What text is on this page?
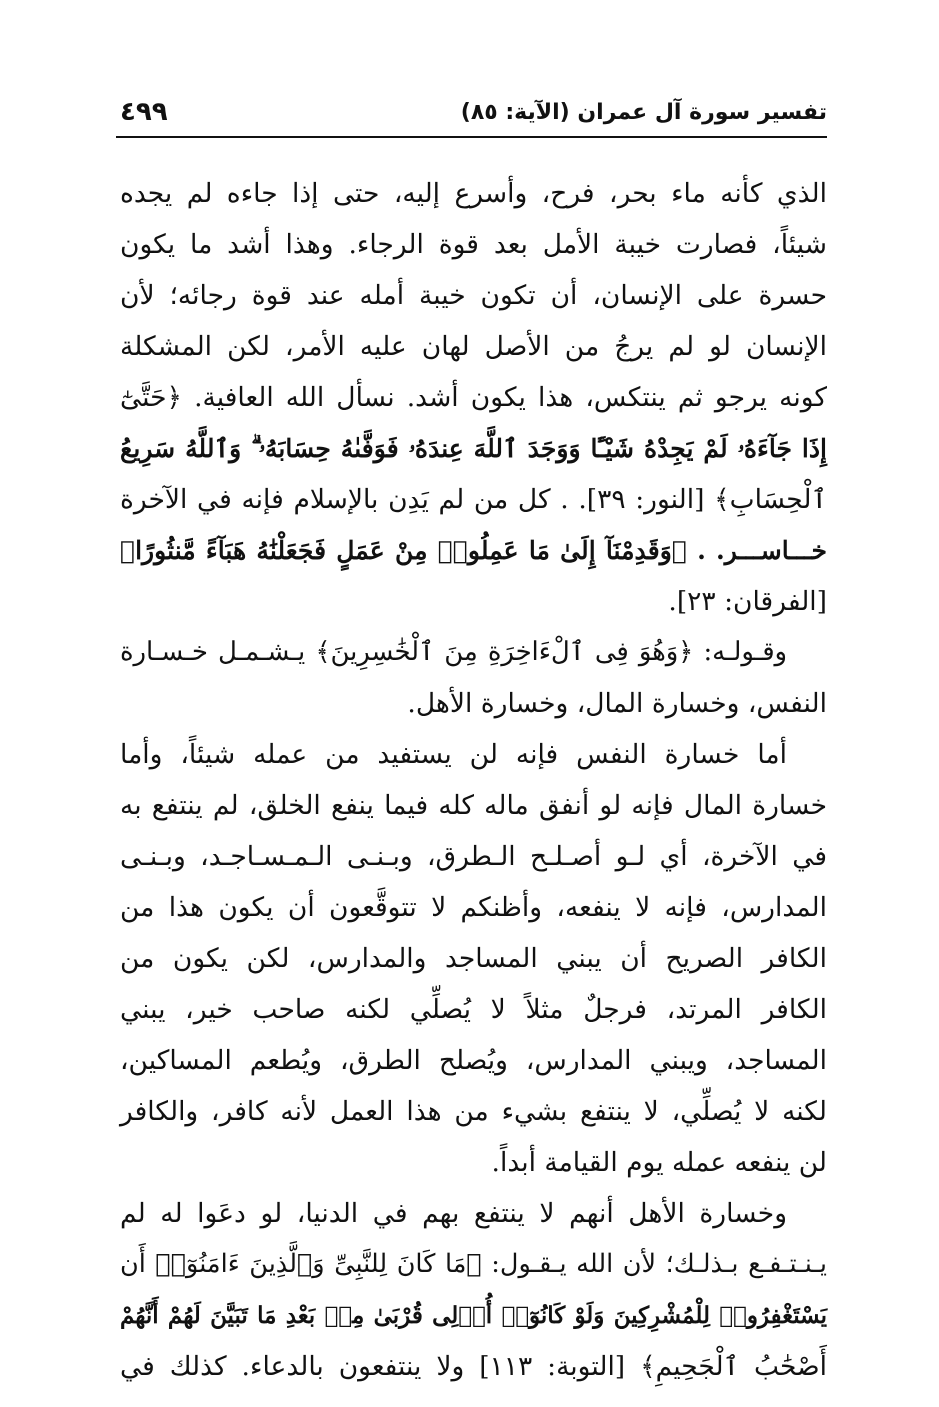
تفسير سورة آل عمران (الآية: ٨٥)
٤٩٩
الذي كأنه ماء بحر، فرح، وأسرع إليه، حتى إذا جاءه لم يجده
شيئاً، فصارت خيبة الأمل بعد قوة الرجاء. وهذا أشد ما يكون
حسرة على الإنسان، أن تكون خيبة أمله عند قوة رجائه؛ لأن
الإنسان لو لم يرجُ من الأصل لهان عليه الأمر، لكن المشكلة
كونه يرجو ثم ينتكس، هذا يكون أشد. نسأل الله العافية. ﴿حَتَّىٰٓ
إِذَا جَآءَهُۥ لَمْ يَجِدْهُ شَيْـًٔا وَوَجَدَ ٱللَّهَ عِندَهُۥ فَوَفَّىٰهُ حِسَابَهُۥ ۗ وَٱللَّهُ سَرِيعُ
ٱلْحِسَابِ﴾ [النور: ٣٩]. . كل من لم يَدِن بالإسلام فإنه في الآخرة
خـــاســـر. . ﴿وَقَدِمْنَآ إِلَىٰ مَا عَمِلُوا۟ مِنْ عَمَلٍ فَجَعَلْنَٰهُ هَبَآءً مَّنثُورًا﴾
[الفرقان: ٢٣].
وقـولـه: ﴿وَهُوَ فِى ٱلْءَاخِرَةِ مِنَ ٱلْخَٰسِرِينَ﴾ يـشـمـل خـسـارة
النفس، وخسارة المال، وخسارة الأهل.
أما خسارة النفس فإنه لن يستفيد من عمله شيئاً، وأما
خسارة المال فإنه لو أنفق ماله كله فيما ينفع الخلق، لم ينتفع به
في الآخرة، أي لـو أصـلـح الـطرق، وبـنـى الـمـسـاجـد، وبـنـى
المدارس، فإنه لا ينفعه، وأظنكم لا تتوقَّعون أن يكون هذا من
الكافر الصريح أن يبني المساجد والمدارس، لكن يكون من
الكافر المرتد، فرجلٌ مثلاً لا يُصلِّي لكنه صاحب خير، يبني
المساجد، ويبني المدارس، ويُصلح الطرق، ويُطعم المساكين،
لكنه لا يُصلِّي، لا ينتفع بشيء من هذا العمل لأنه كافر، والكافر
لن ينفعه عمله يوم القيامة أبداً.
وخسارة الأهل أنهم لا ينتفع بهم في الدنيا، لو دعَوا له لم
يـنـتـفـع بـذلـك؛ لأن الله يـقـول: ﴿مَا كَانَ لِلنَّبِىِّ وَٱلَّذِينَ ءَامَنُوٓا۟ أَن
يَسْتَغْفِرُوا۟ لِلْمُشْرِكِينَ وَلَوْ كَانُوٓا۟ أُو۟لِى قُرْبَىٰ مِنۢ بَعْدِ مَا تَبَيَّنَ لَهُمْ أَنَّهُمْ
أَصْحَٰبُ ٱلْجَحِيمِ﴾ [التوبة: ١١٣] ولا ينتفعون بالدعاء. كذلك في
